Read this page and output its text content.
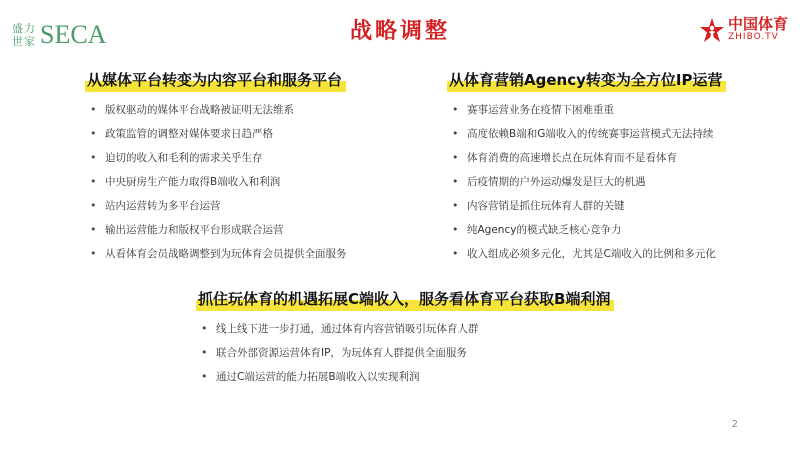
盛力世家 SECA	战略调整	中国体育
ZHIBO.TV
从媒体平台转变为内容平台和服务平台
• 版权驱动的媒体平台战略被证明无法维系
• 政策监管的调整对媒体要求日趋严格
• 迫切的收入和毛利的需求关乎生存
• 中央厨房生产能力取得B端收入和利润
• 站内运营转为多平台运营
• 输出运营能力和版权平台形成联合运营
• 从看体育会员战略调整到为玩体育会员提供全面服务
从体育营销Agency转变为全方位IP运营
• 赛事运营业务在疫情下困难重重
• 高度依赖B端和G端收入的传统赛事运营模式无法持续
• 体育消费的高速增长点在玩体育而不是看体育
• 后疫情期的户外运动爆发是巨大的机遇
• 内容营销是抓住玩体育人群的关键
• 纯Agency的模式缺乏核心竞争力
• 收入组成必须多元化，尤其是C端收入的比例和多元化
抓住玩体育的机遇拓展C端收入，服务看体育平台获取B端利润
• 线上线下进一步打通，通过体育内容营销吸引玩体育人群
• 联合外部资源运营体育IP，为玩体育人群提供全面服务
• 通过C端运营的能力拓展B端收入以实现利润
2
